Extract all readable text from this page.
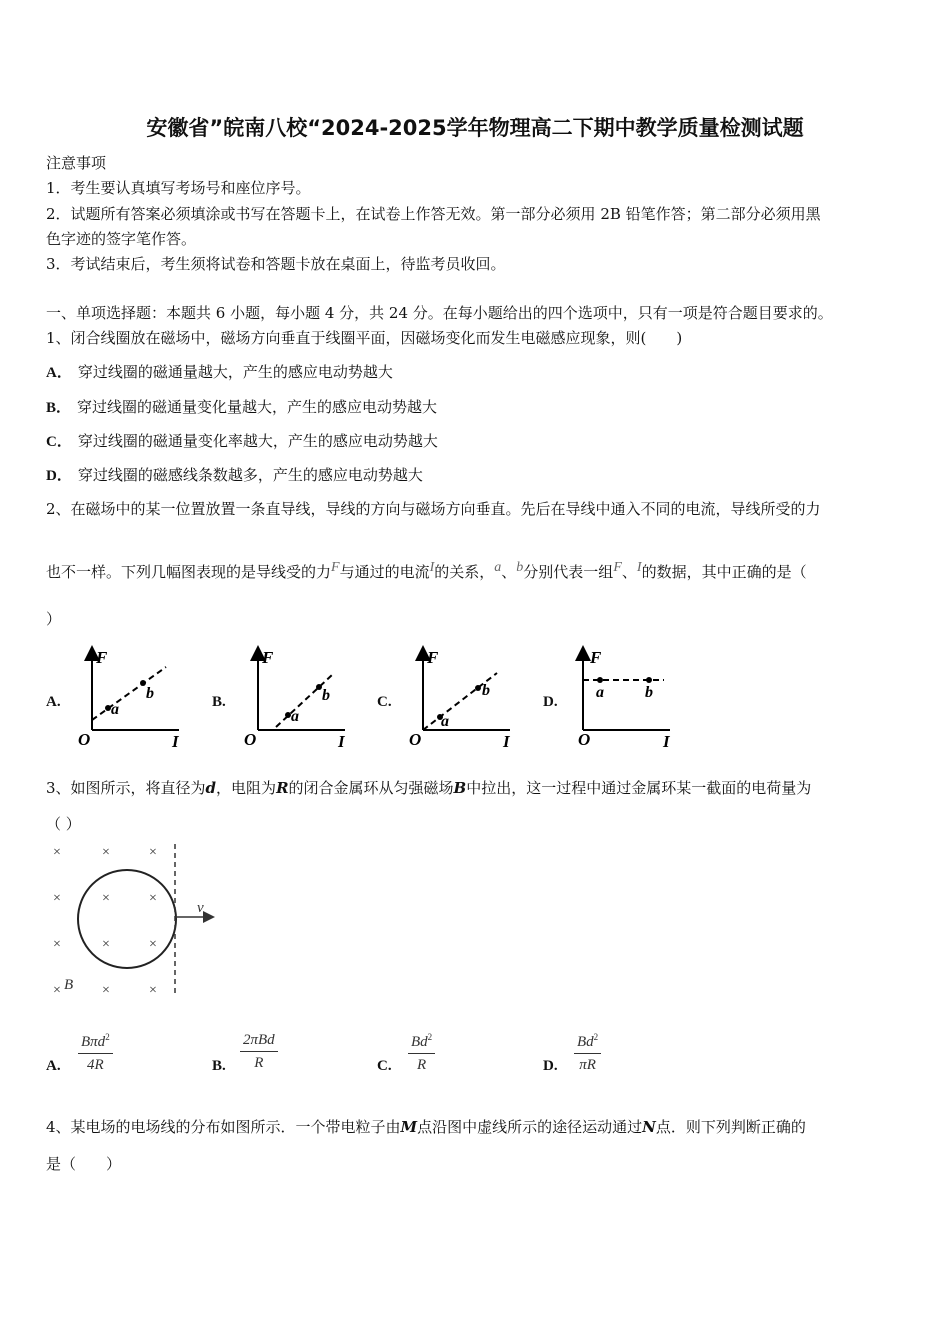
安徽省”皖南八校“2024-2025学年物理高二下期中教学质量检测试题
注意事项
1．考生要认真填写考场号和座位序号。
2．试题所有答案必须填涂或书写在答题卡上，在试卷上作答无效。第一部分必须用 2B 铅笔作答；第二部分必须用黑
色字迹的签字笔作答。
3．考试结束后，考生须将试卷和答题卡放在桌面上，待监考员收回。
一、单项选择题：本题共 6 小题，每小题 4 分，共 24 分。在每小题给出的四个选项中，只有一项是符合题目要求的。
1、闭合线圈放在磁场中，磁场方向垂直于线圈平面，因磁场变化而发生电磁感应现象，则(　　)
A． 穿过线圈的磁通量越大，产生的感应电动势越大
B． 穿过线圈的磁通量变化量越大，产生的感应电动势越大
C． 穿过线圈的磁通量变化率越大，产生的感应电动势越大
D． 穿过线圈的磁感线条数越多，产生的感应电动势越大
2、在磁场中的某一位置放置一条直导线，导线的方向与磁场方向垂直。先后在导线中通入不同的电流，导线所受的力
也不一样。下列几幅图表现的是导线受的力F与通过的电流I的关系，a、b分别代表一组F、I的数据，其中正确的是（
）
A.	B.	C.	D.
F
I
O
a
b
F
I
O
a
b
F
I
O
a
b
F
I
O
a	b
3、如图所示，将直径为d，电阻为R的闭合金属环从匀强磁场B中拉出，这一过程中通过金属环某一截面的电荷量为
（ ）
×	×	×
×	×	×
×	×	×
×	×	×
v
B
A.
Bπd$^2$
4R	B.
2πBd
R	C. $\frac{Bd^2}{R}$	D. $\frac{Bd^2}{\pi R}$
4、某电场的电场线的分布如图所示．一个带电粒子由M点沿图中虚线所示的途径运动通过N点．则下列判断正确的
是（　　）
